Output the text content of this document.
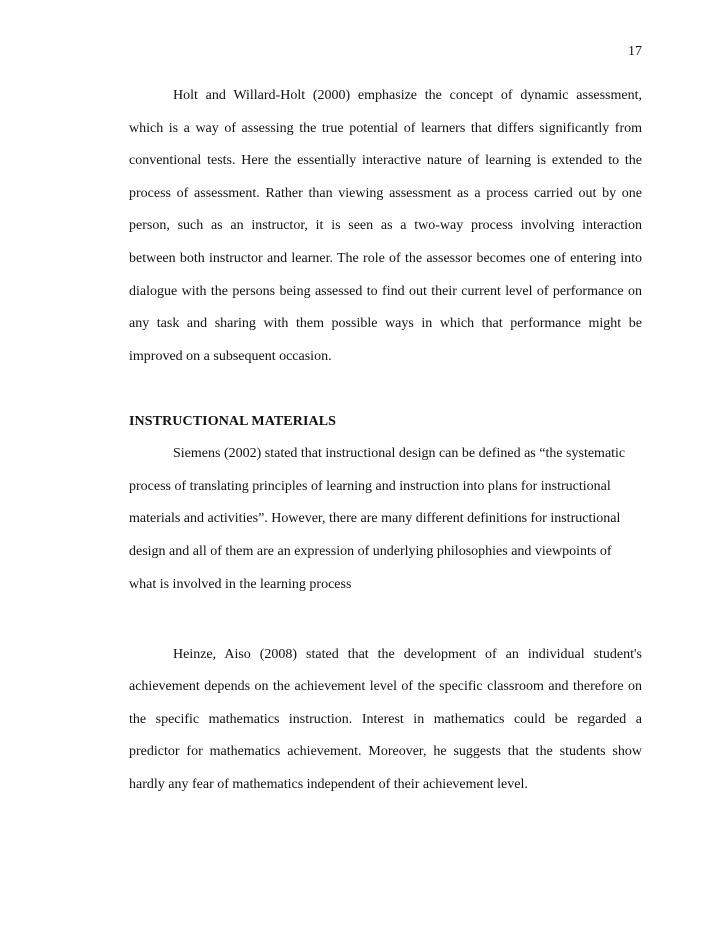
17
Holt and Willard-Holt (2000) emphasize the concept of dynamic assessment,
which is a way of assessing the true potential of learners that differs significantly from
conventional tests. Here the essentially interactive nature of learning is extended to the
process of assessment. Rather than viewing assessment as a process carried out by one
person, such as an instructor, it is seen as a two-way process involving interaction
between both instructor and learner. The role of the assessor becomes one of entering into
dialogue with the persons being assessed to find out their current level of performance on
any task and sharing with them possible ways in which that performance might be
improved on a subsequent occasion.
INSTRUCTIONAL MATERIALS
Siemens (2002) stated that instructional design can be defined as “the systematic
process of translating principles of learning and instruction into plans for instructional
materials and activities”. However, there are many different definitions for instructional
design and all of them are an expression of underlying philosophies and viewpoints of
what is involved in the learning process
Heinze, Aiso (2008) stated that the development of an individual student's
achievement depends on the achievement level of the specific classroom and therefore on
the specific mathematics instruction. Interest in mathematics could be regarded a
predictor for mathematics achievement. Moreover, he suggests that the students show
hardly any fear of mathematics independent of their achievement level.
